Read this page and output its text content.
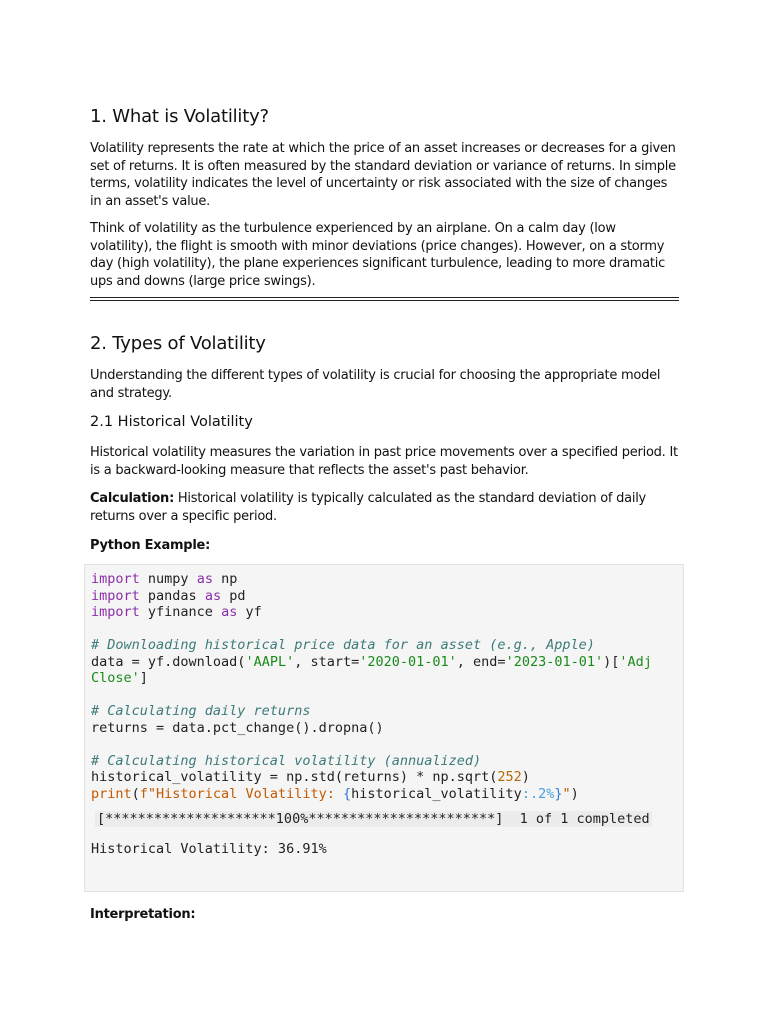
1. What is Volatility?

Volatility represents the rate at which the price of an asset increases or decreases for a given set of returns. It is often measured by the standard deviation or variance of returns. In simple terms, volatility indicates the level of uncertainty or risk associated with the size of changes in an asset's value.

Think of volatility as the turbulence experienced by an airplane. On a calm day (low volatility), the flight is smooth with minor deviations (price changes). However, on a stormy day (high volatility), the plane experiences significant turbulence, leading to more dramatic ups and downs (large price swings).

2. Types of Volatility

Understanding the different types of volatility is crucial for choosing the appropriate model and strategy.

2.1 Historical Volatility

Historical volatility measures the variation in past price movements over a specified period. It is a backward-looking measure that reflects the asset's past behavior.

Calculation: Historical volatility is typically calculated as the standard deviation of daily returns over a specific period.

Python Example:

Interpretation:

import numpy as np
import pandas as pd
import yfinance as yf

# Downloading historical price data for an asset (e.g., Apple)
data = yf.download('AAPL', start='2020-01-01', end='2023-01-01')['Adj
Close']

# Calculating daily returns
returns = data.pct_change().dropna()

# Calculating historical volatility (annualized)
historical_volatility = np.std(returns) * np.sqrt(252)
print(f"Historical Volatility: {historical_volatility:.2%}")
[*********************100%***********************]  1 of 1 completed
Historical Volatility: 36.91%
